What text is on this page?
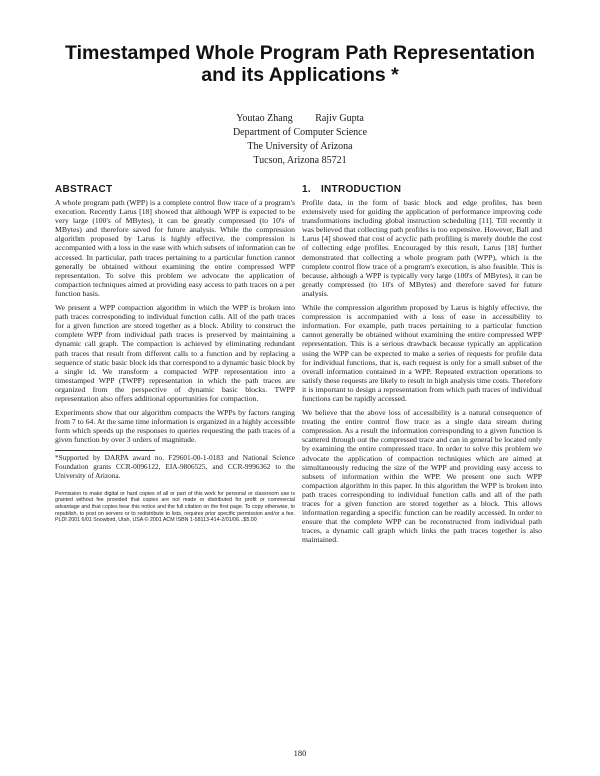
Timestamped Whole Program Path Representation
and its Applications *
Youtao Zhang Rajiv Gupta
Department of Computer Science
The University of Arizona
Tucson, Arizona 85721
ABSTRACT

A whole program path (WPP) is a complete control flow trace of a program's execution. Recently Larus [18] showed that although WPP is expected to be very large (100's of MBytes), it can be greatly compressed (to 10's of MBytes) and therefore saved for future analysis. While the compression algorithm proposed by Larus is highly effective, the compression is accompanied with a loss in the ease with which subsets of information can be accessed. In particular, path traces pertaining to a particular function cannot generally be obtained without examining the entire compressed WPP representation. To solve this problem we advocate the application of compaction techniques aimed at providing easy access to path traces on a per function basis.

We present a WPP compaction algorithm in which the WPP is broken into path traces corresponding to individual function calls. All of the path traces for a given function are stored together as a block. Ability to construct the complete WPP from individual path traces is preserved by maintaining a dynamic call graph. The compaction is achieved by eliminating redundant path traces that result from different calls to a function and by replacing a sequence of static basic block ids that correspond to a dynamic basic block by a single id. We transform a compacted WPP representation into a timestamped WPP (TWPP) representation in which the path traces are organized from the perspective of dynamic basic blocks. TWPP representation also offers additional opportunities for compaction.

Experiments show that our algorithm compacts the WPPs by factors ranging from 7 to 64. At the same time information is organized in a highly accessible form which speeds up the responses to queries requesting the path traces of a given function by over 3 orders of magnitude.

*Supported by DARPA award no. F29601-00-1-0183 and National Science Foundation grants CCR-0096122, EIA-9806525, and CCR-9996362 to the University of Arizona.
Permission to make digital or hard copies of all or part of this work for personal or classroom use is granted without fee provided that copies are not made or distributed for profit or commercial advantage and that copies bear this notice and the full citation on the first page. To copy otherwise, to republish, to post on servers or to redistribute to lists, requires prior specific permission and/or a fee. PLDI 2001 6/01 Snowbird, Utah, USA © 2001 ACM ISBN 1-58113-414-2/01/06...$5.00
1. INTRODUCTION

Profile data, in the form of basic block and edge profiles, has been extensively used for guiding the application of performance improving code transformations including global instruction scheduling [11]. Till recently it was believed that collecting path profiles is too expensive. However, Ball and Larus [4] showed that cost of acyclic path profiling is merely double the cost of collecting edge profiles. Encouraged by this result, Larus [18] further demonstrated that collecting a whole program path (WPP), which is the complete control flow trace of a program's execution, is also feasible. This is because, although a WPP is typically very large (100's of MBytes), it can be greatly compressed (to 10's of MBytes) and therefore saved for future analysis.

While the compression algorithm proposed by Larus is highly effective, the compression is accompanied with a loss of ease in accessibility to information. For example, path traces pertaining to a particular function cannot generally be obtained without examining the entire compressed WPP representation. This is a serious drawback because typically an application using the WPP can be expected to make a series of requests for profile data for individual functions, that is, each request is only for a small subset of the overall information contained in a WPP. Repeated extraction operations to satisfy these requests are likely to result in high analysis time costs. Therefore it is important to design a representation from which path traces of individual functions can be rapidly accessed.

We believe that the above loss of accessibility is a natural consequence of treating the entire control flow trace as a single data stream during compression. As a result the information corresponding to a given function is scattered through out the compressed trace and can in general be located only by examining the entire compressed trace. In order to solve this problem we advocate the application of compaction techniques which are aimed at simultaneously reducing the size of the WPP and providing easy access to subsets of information within the WPP. We present one such WPP compaction algorithm in this paper. In this algorithm the WPP is broken into path traces corresponding to individual function calls and all of the path traces for a given function are stored together as a block. This allows information regarding a specific function can be readily accessed. In order to ensure that the complete WPP can be reconstructed from individual path traces, a dynamic call graph which links the path traces together is also maintained.

180
